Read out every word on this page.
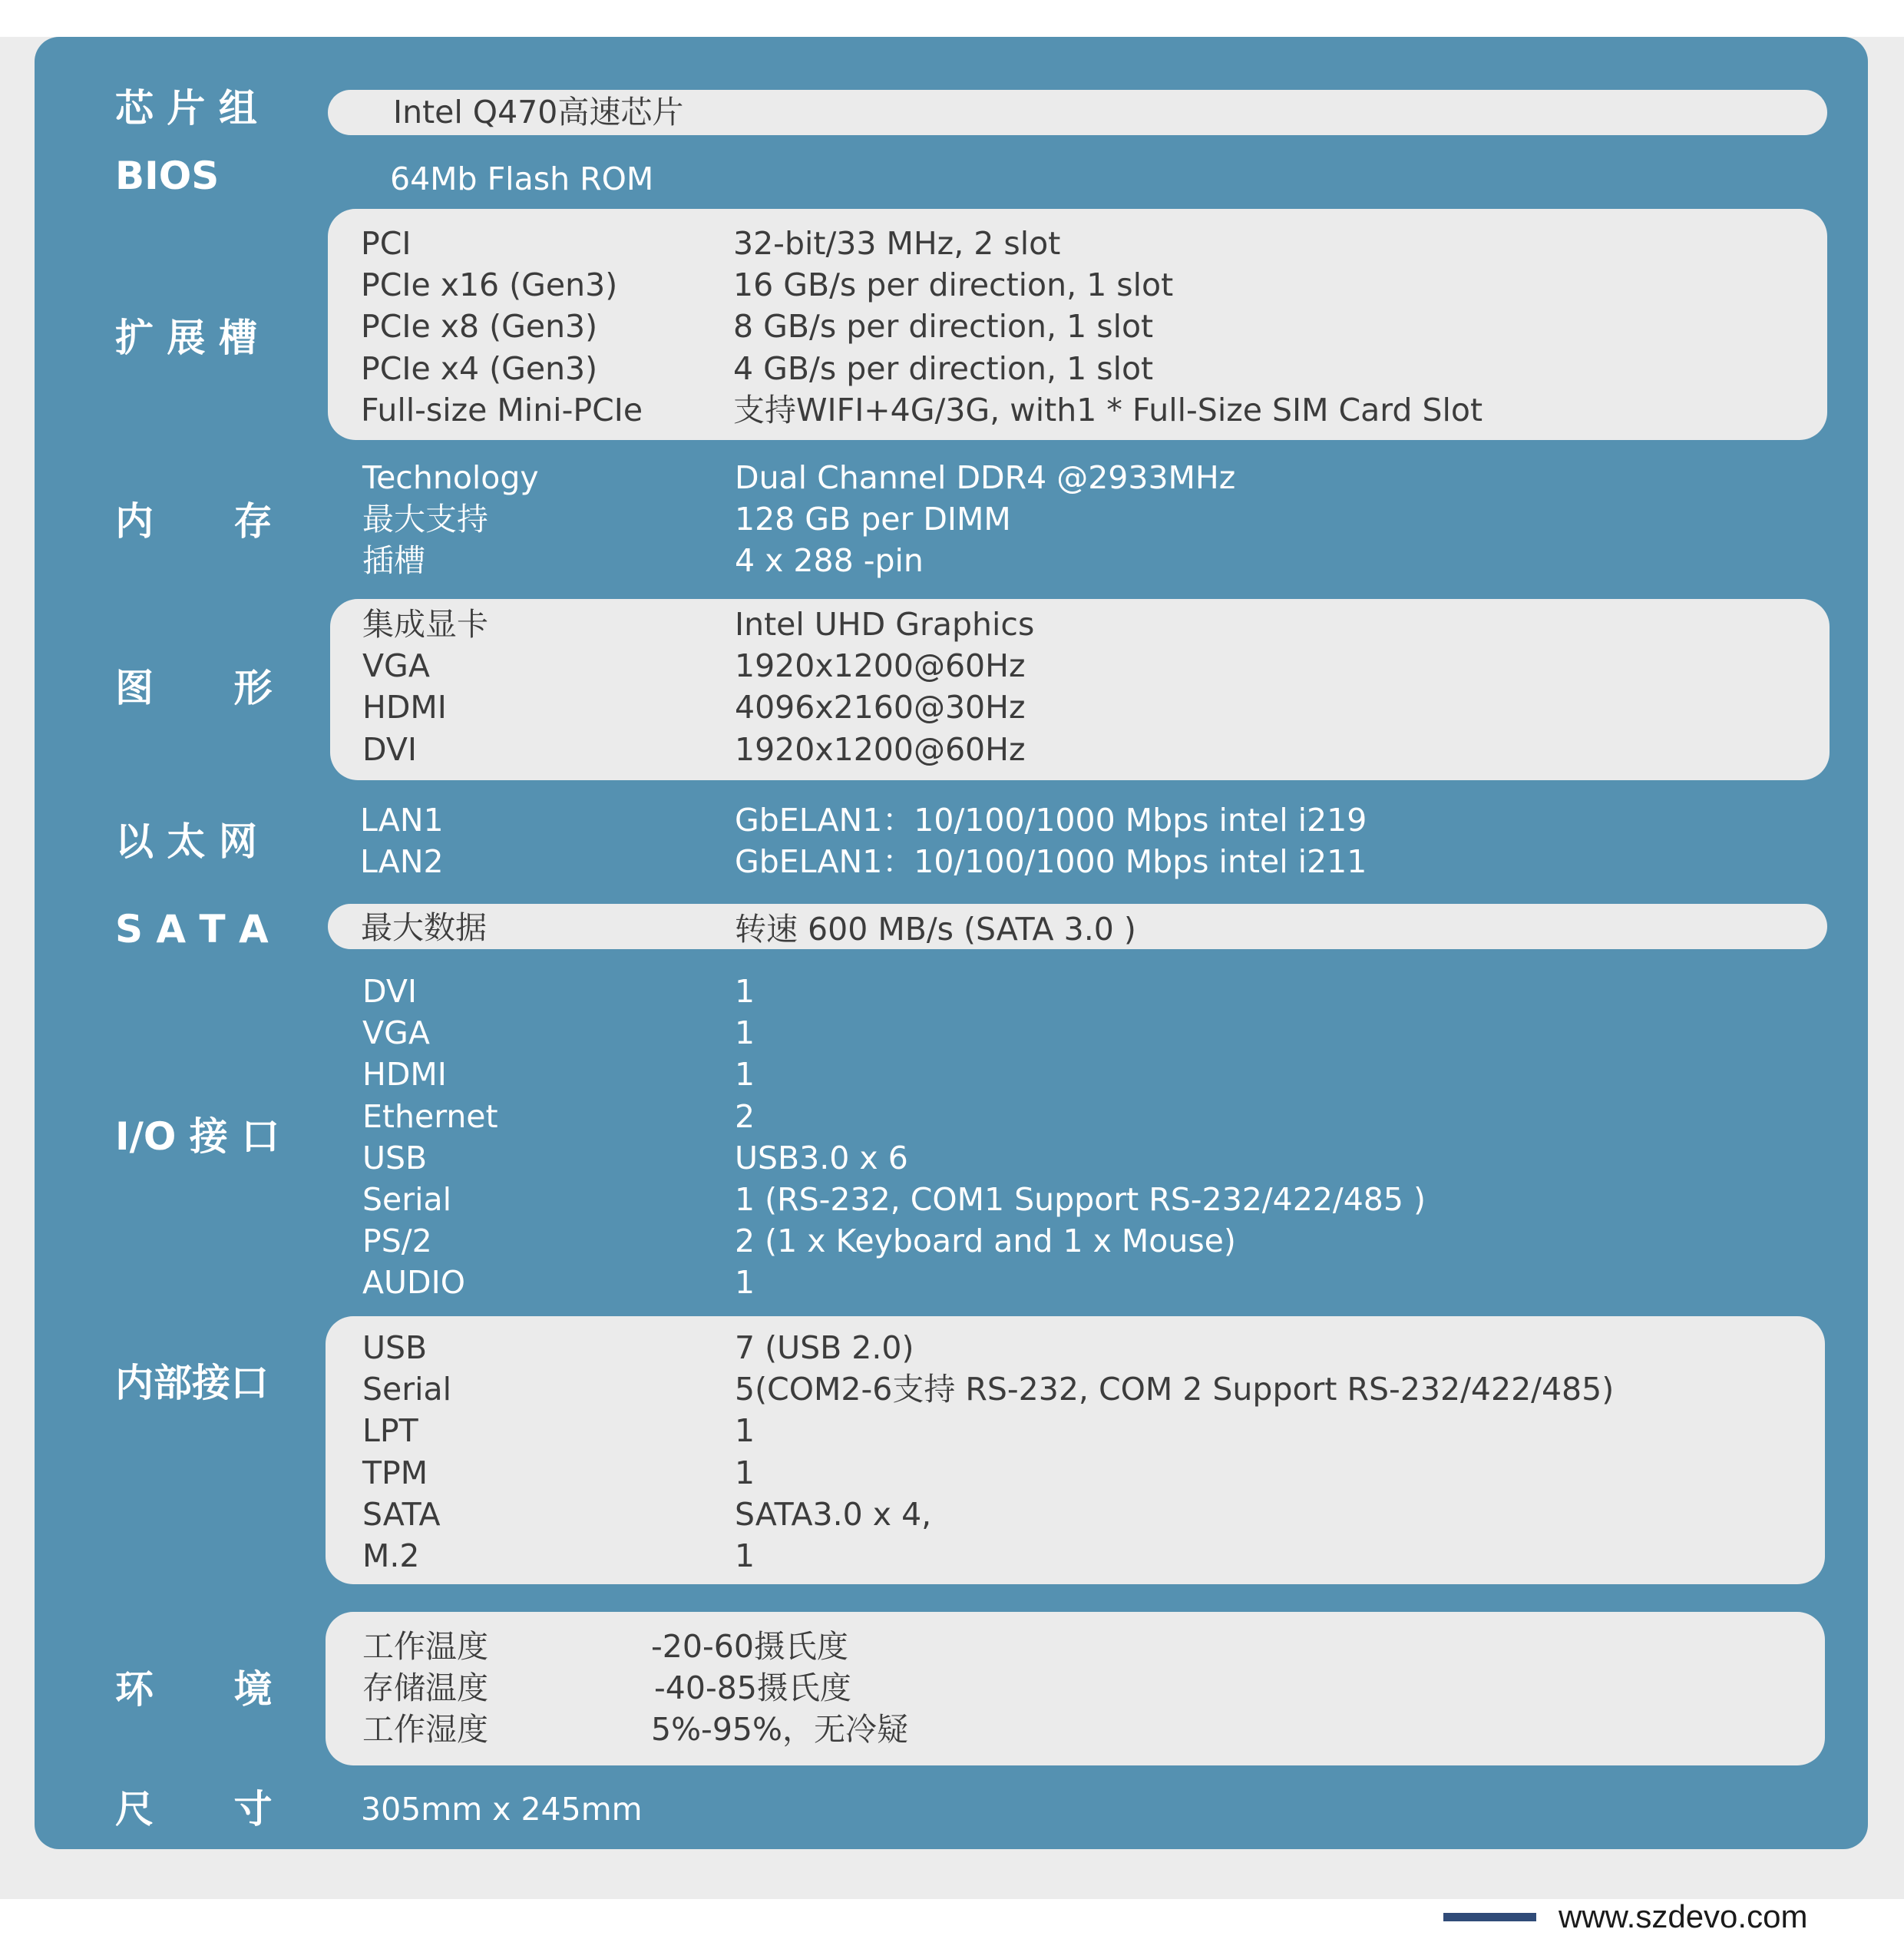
芯 片 组	Intel Q470高速芯片

BIOS	64Mb Flash ROM

扩 展 槽

PCI	32-bit/33 MHz, 2 slot
PCIe x16 (Gen3)	16 GB/s per direction, 1 slot
PCIe x8 (Gen3)	8 GB/s per direction, 1 slot
PCIe x4 (Gen3)	4 GB/s per direction, 1 slot
Full-size Mini-PCIe	支持WIFI+4G/3G, with1 * Full-Size SIM Card Slot

内      存

Technology	Dual Channel DDR4 @2933MHz
最大支持	128 GB per DIMM
插槽	4 x 288 -pin

图      形

集成显卡	Intel UHD Graphics
VGA	1920x1200@60Hz
HDMI	4096x2160@30Hz
DVI	1920x1200@60Hz

以 太 网	LAN1	GbELAN1：10/100/1000 Mbps intel i219
LAN2	GbELAN1：10/100/1000 Mbps intel i211

S A T A	最大数据	转速 600 MB/s (SATA 3.0 )

I/O 接 口

DVI	1
VGA	1
HDMI	1
Ethernet	2
USB	USB3.0 x 6
Serial	1 (RS-232, COM1 Support RS-232/422/485 )
PS/2	2 (1 x Keyboard and 1 x Mouse)
AUDIO	1

内部接口

USB	7 (USB 2.0)
Serial	5(COM2-6支持 RS-232, COM 2 Support RS-232/422/485)
LPT	1
TPM	1
SATA	SATA3.0 x 4,
M.2	1

环      境

工作温度	-20-60摄氏度
存储温度	-40-85摄氏度
工作湿度	5%-95%，无冷疑

尺      寸	305mm x 245mm

www.szdevo.com
